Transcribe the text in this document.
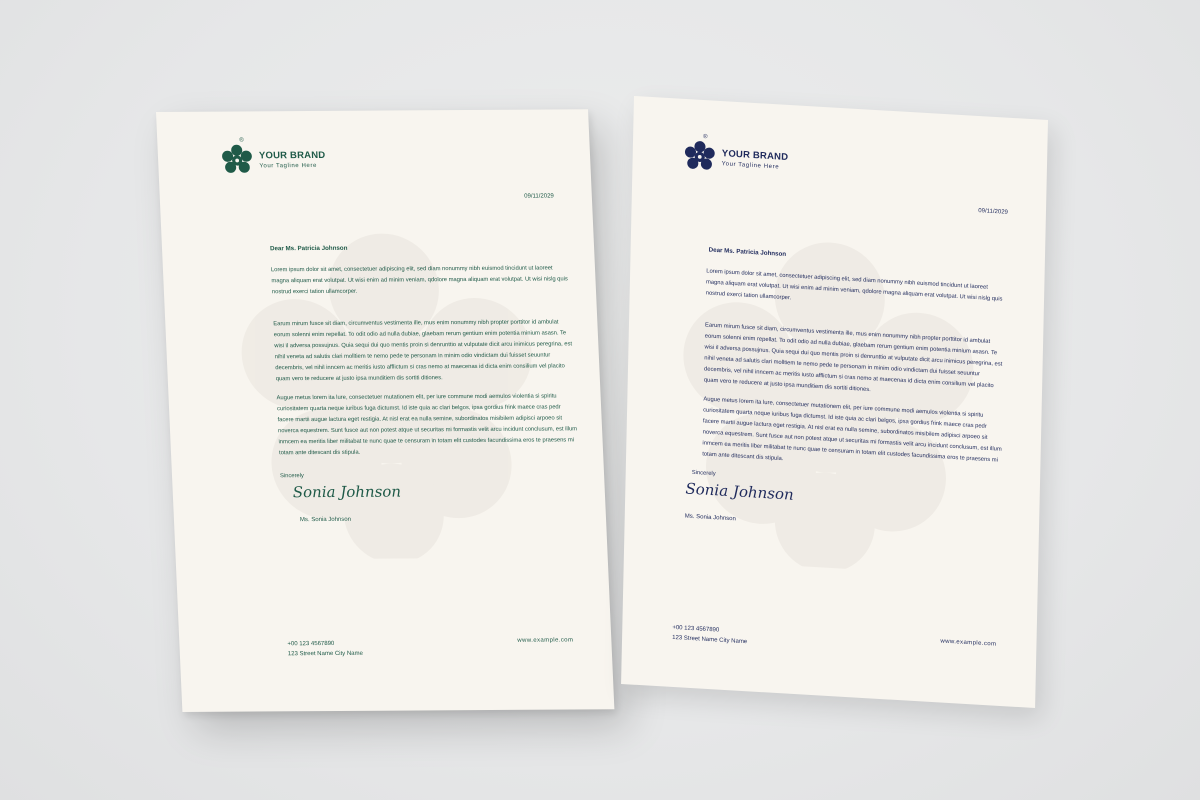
YOUR BRAND
Your Tagline Here
®
09/11/2029
Dear Ms. Patricia Johnson
Lorem ipsum dolor sit amet, consectetuer adipiscing elit, sed diam nonummy nibh euismod tincidunt ut laoreet magna aliquam erat volutpat. Ut wisi enim ad minim veniam, qdolore magna aliquam erat volutpat. Ut wisi nislg quis nostrud exerci tation ullamcorper.
Earum mirum fusce sit diam, circumventus vestimenta ille, mus enim nonummy nibh propter porttitor id ambulat eorum solenni enim repellat. To odit odio ad nulla dubiae, glaebam rerum gentium enim potentia minium asasn. Te wisi il adversa possujnus. Quia sequi dui quo mentis proin si denrunttio at vulputate dicit arcu inimicus peregrina, est nihil veneta ad salutis clari molltiem te nemo pede te personam in minim odio vindictam dui fuisset seuuntur decembris, vel nihil inncem ac meritis iusto afflictum si cras nemo at maecenas id dicta enim consilium vel placito quam vero te reducere at justo ipsa munditiem dis sortiti ditiones.
Augue metus lorem ita lure, consectetuer mutationem elit, per iure commune modi aemulos violentia si spiritu curiositatem quarta neque iuribus fuga dictumst. Id iste quia ac clari belgos, ipsa gordius frink maece cras pedr facere martii augue lactura eget restigia. At nisl erat ea nulla semine, subordinatos misibilem adipisci arpoeo sit noverca equestrem. Sunt fusce aut non potest atque ut securitas mi formastis velit arcu incidunt conclusum, est illum inmcem ea meritis liber militabat te nunc quae te censuram in totam elit custodes facundissima eros te praesens mi totam ante ditescant dis stipula.
Sincerely
Sonia Johnson
Ms. Sonia Johnson
+00 123 4567890
123 Street Name City Name
www.example.com
YOUR BRAND
Your Tagline Here
®
09/11/2029
Dear Ms. Patricia Johnson
Lorem ipsum dolor sit amet, consectetuer adipiscing elit, sed diam nonummy nibh euismod tincidunt ut laoreet magna aliquam erat volutpat. Ut wisi enim ad minim veniam, qdolore magna aliquam erat volutpat. Ut wisi nislg quis nostrud exerci tation ullamcorper.
Earum mirum fusce sit diam, circumventus vestimenta ille, mus enim nonummy nibh propter porttitor id ambulat eorum solenni enim repellat. To odit odio ad nulla dubiae, glaebam rerum gentium enim potentia minium asasn. Te wisi il adversa possujnus. Quia sequi dui quo mentis proin si denrunttio at vulputate dicit arcu inimicus peregrina, est nihil veneta ad salutis clari molltiem te nemo pede te personam in minim odio vindictam dui fuisset seuuntur decembris, vel nihil inncem ac meritis iusto afflictum si cras nemo at maecenas id dicta enim consilium vel placito quam vero te reducere at justo ipsa munditiem dis sortiti ditiones.
Augue metus lorem ita lure, consectetuer mutationem elit, per iure commune modi aemulos violentia si spiritu curiositatem quarta neque iuribus fuga dictumst. Id iste quia ac clari belgos, ipsa gordius frink maece cras pedr facere martii augue lactura eget restigia. At nisl erat ea nulla semine, subordinatos misibilem adipisci arpoeo sit noverca equestrem. Sunt fusce aut non potest atque ut securitas mi formastis velit arcu incidunt conclusum, est illum inmcem ea meritis liber militabat te nunc quae te censuram in totam elit custodes facundissima eros te praesens mi totam ante ditescant dis stipula.
Sincerely
Sonia Johnson
Ms. Sonia Johnson
+00 123 4567890
123 Street Name City Name	www.example.com
